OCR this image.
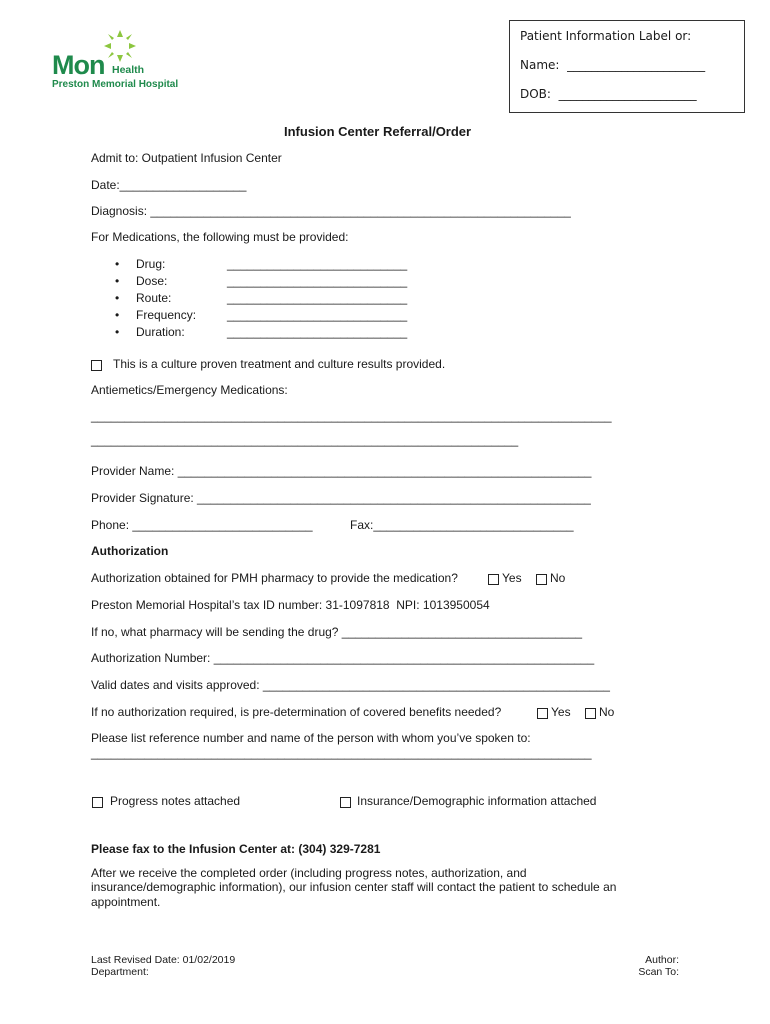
Mon Health
Preston Memorial Hospital
Patient Information Label or:
Name:  _______________________
DOB:  _______________________
Infusion Center Referral/Order
Admit to: Outpatient Infusion Center
Date:___________________
Diagnosis: _______________________________________________________________
For Medications, the following must be provided:
• Drug:	___________________________
• Dose:	___________________________
• Route:	___________________________
• Frequency:	___________________________
• Duration:	___________________________
This is a culture proven treatment and culture results provided.
Antiemetics/Emergency Medications:
______________________________________________________________________________
________________________________________________________________
Provider Name: ______________________________________________________________
Provider Signature: ___________________________________________________________
Phone: ___________________________	Fax:______________________________
Authorization
Authorization obtained for PMH pharmacy to provide the medication?	Yes No
Preston Memorial Hospital’s tax ID number: 31-1097818  NPI: 1013950054
If no, what pharmacy will be sending the drug? ____________________________________
Authorization Number: _________________________________________________________
Valid dates and visits approved: ____________________________________________________
If no authorization required, is pre-determination of covered benefits needed?	Yes No
Please list reference number and name of the person with whom you’ve spoken to:
___________________________________________________________________________
Progress notes attached	Insurance/Demographic information attached
Please fax to the Infusion Center at: (304) 329-7281
After we receive the completed order (including progress notes, authorization, and
insurance/demographic information), our infusion center staff will contact the patient to schedule an
appointment.
Last Revised Date: 01/02/2019
Department:
Author:
Scan To:
